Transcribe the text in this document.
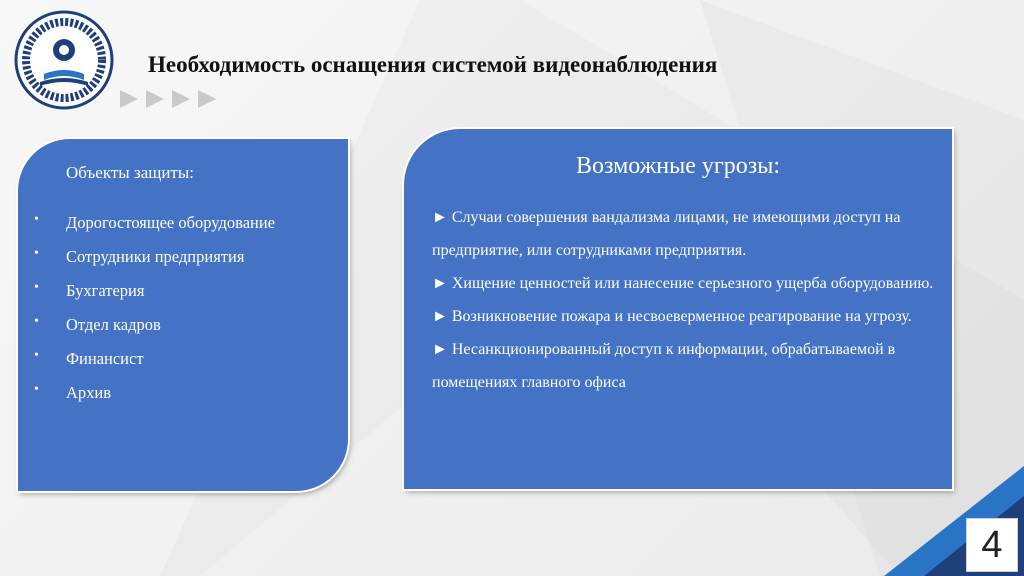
Необходимость оснащения системой видеонаблюдения
Объекты защиты:
• Дорогостоящее оборудование
• Сотрудники предприятия
• Бухгатерия
• Отдел кадров
• Финансист
• Архив
Возможные угрозы:
► Случаи совершения вандализма лицами, не имеющими доступ на предприятие, или сотрудниками предприятия.
► Хищение ценностей или нанесение серьезного ущерба оборудованию.
► Возникновение пожара и несвоеверменное реагирование на угрозу.
► Несанкционированный доступ к информации, обрабатываемой в помещениях главного офиса
4
